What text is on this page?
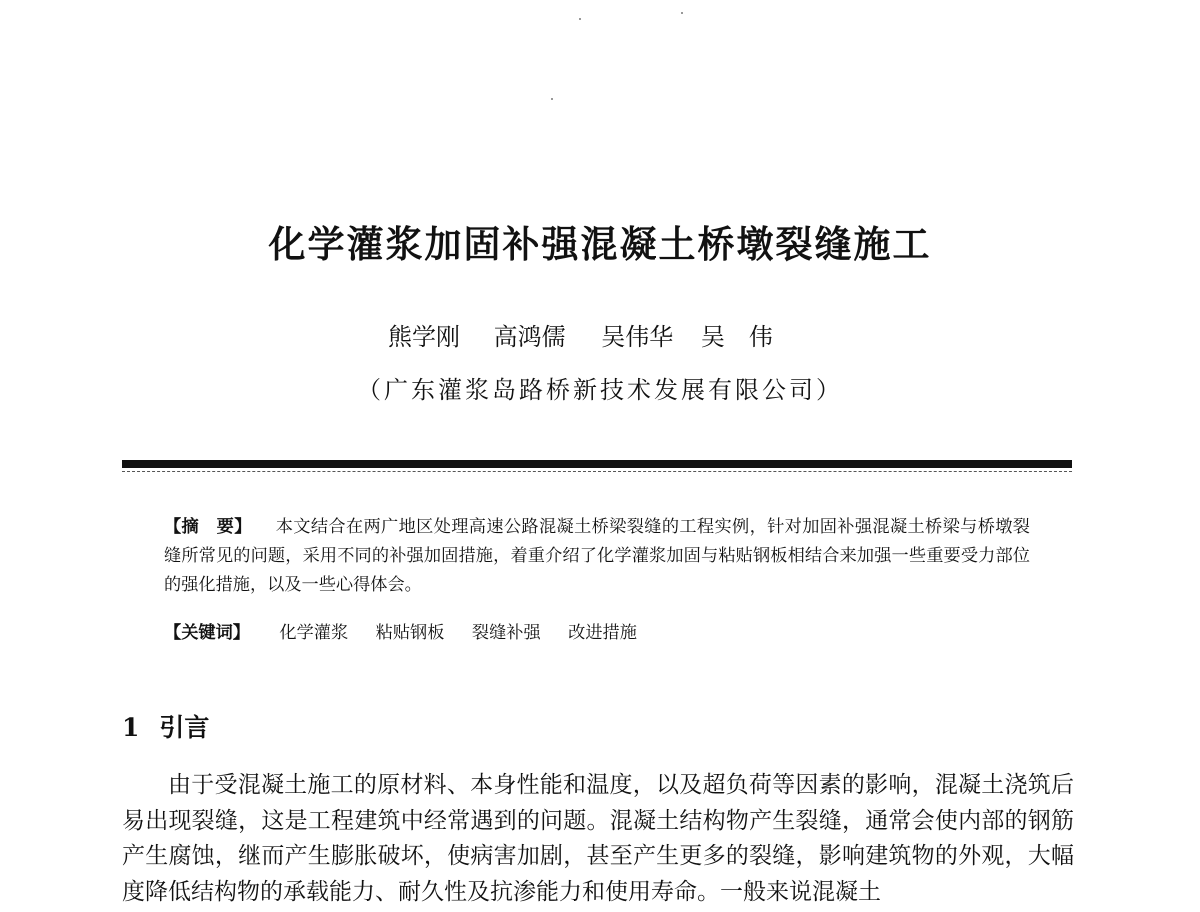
化学灌浆加固补强混凝土桥墩裂缝施工
熊学刚 高鸿儒 吴伟华 吴　伟
（广东灌浆岛路桥新技术发展有限公司）

【摘　要】 本文结合在两广地区处理高速公路混凝土桥梁裂缝的工程实例，针对加固补强混凝土桥梁与桥墩裂缝所常见的问题，采用不同的补强加固措施，着重介绍了化学灌浆加固与粘贴钢板相结合来加强一些重要受力部位的强化措施，以及一些心得体会。

【关键词】 化学灌浆 粘贴钢板 裂缝补强 改进措施
1 引言

由于受混凝土施工的原材料、本身性能和温度，以及超负荷等因素的影响，混凝土浇筑后易出现裂缝，这是工程建筑中经常遇到的问题。混凝土结构物产生裂缝，通常会使内部的钢筋产生腐蚀，继而产生膨胀破坏，使病害加剧，甚至产生更多的裂缝，影响建筑物的外观，大幅度降低结构物的承载能力、耐久性及抗渗能力和使用寿命。一般来说混凝土
